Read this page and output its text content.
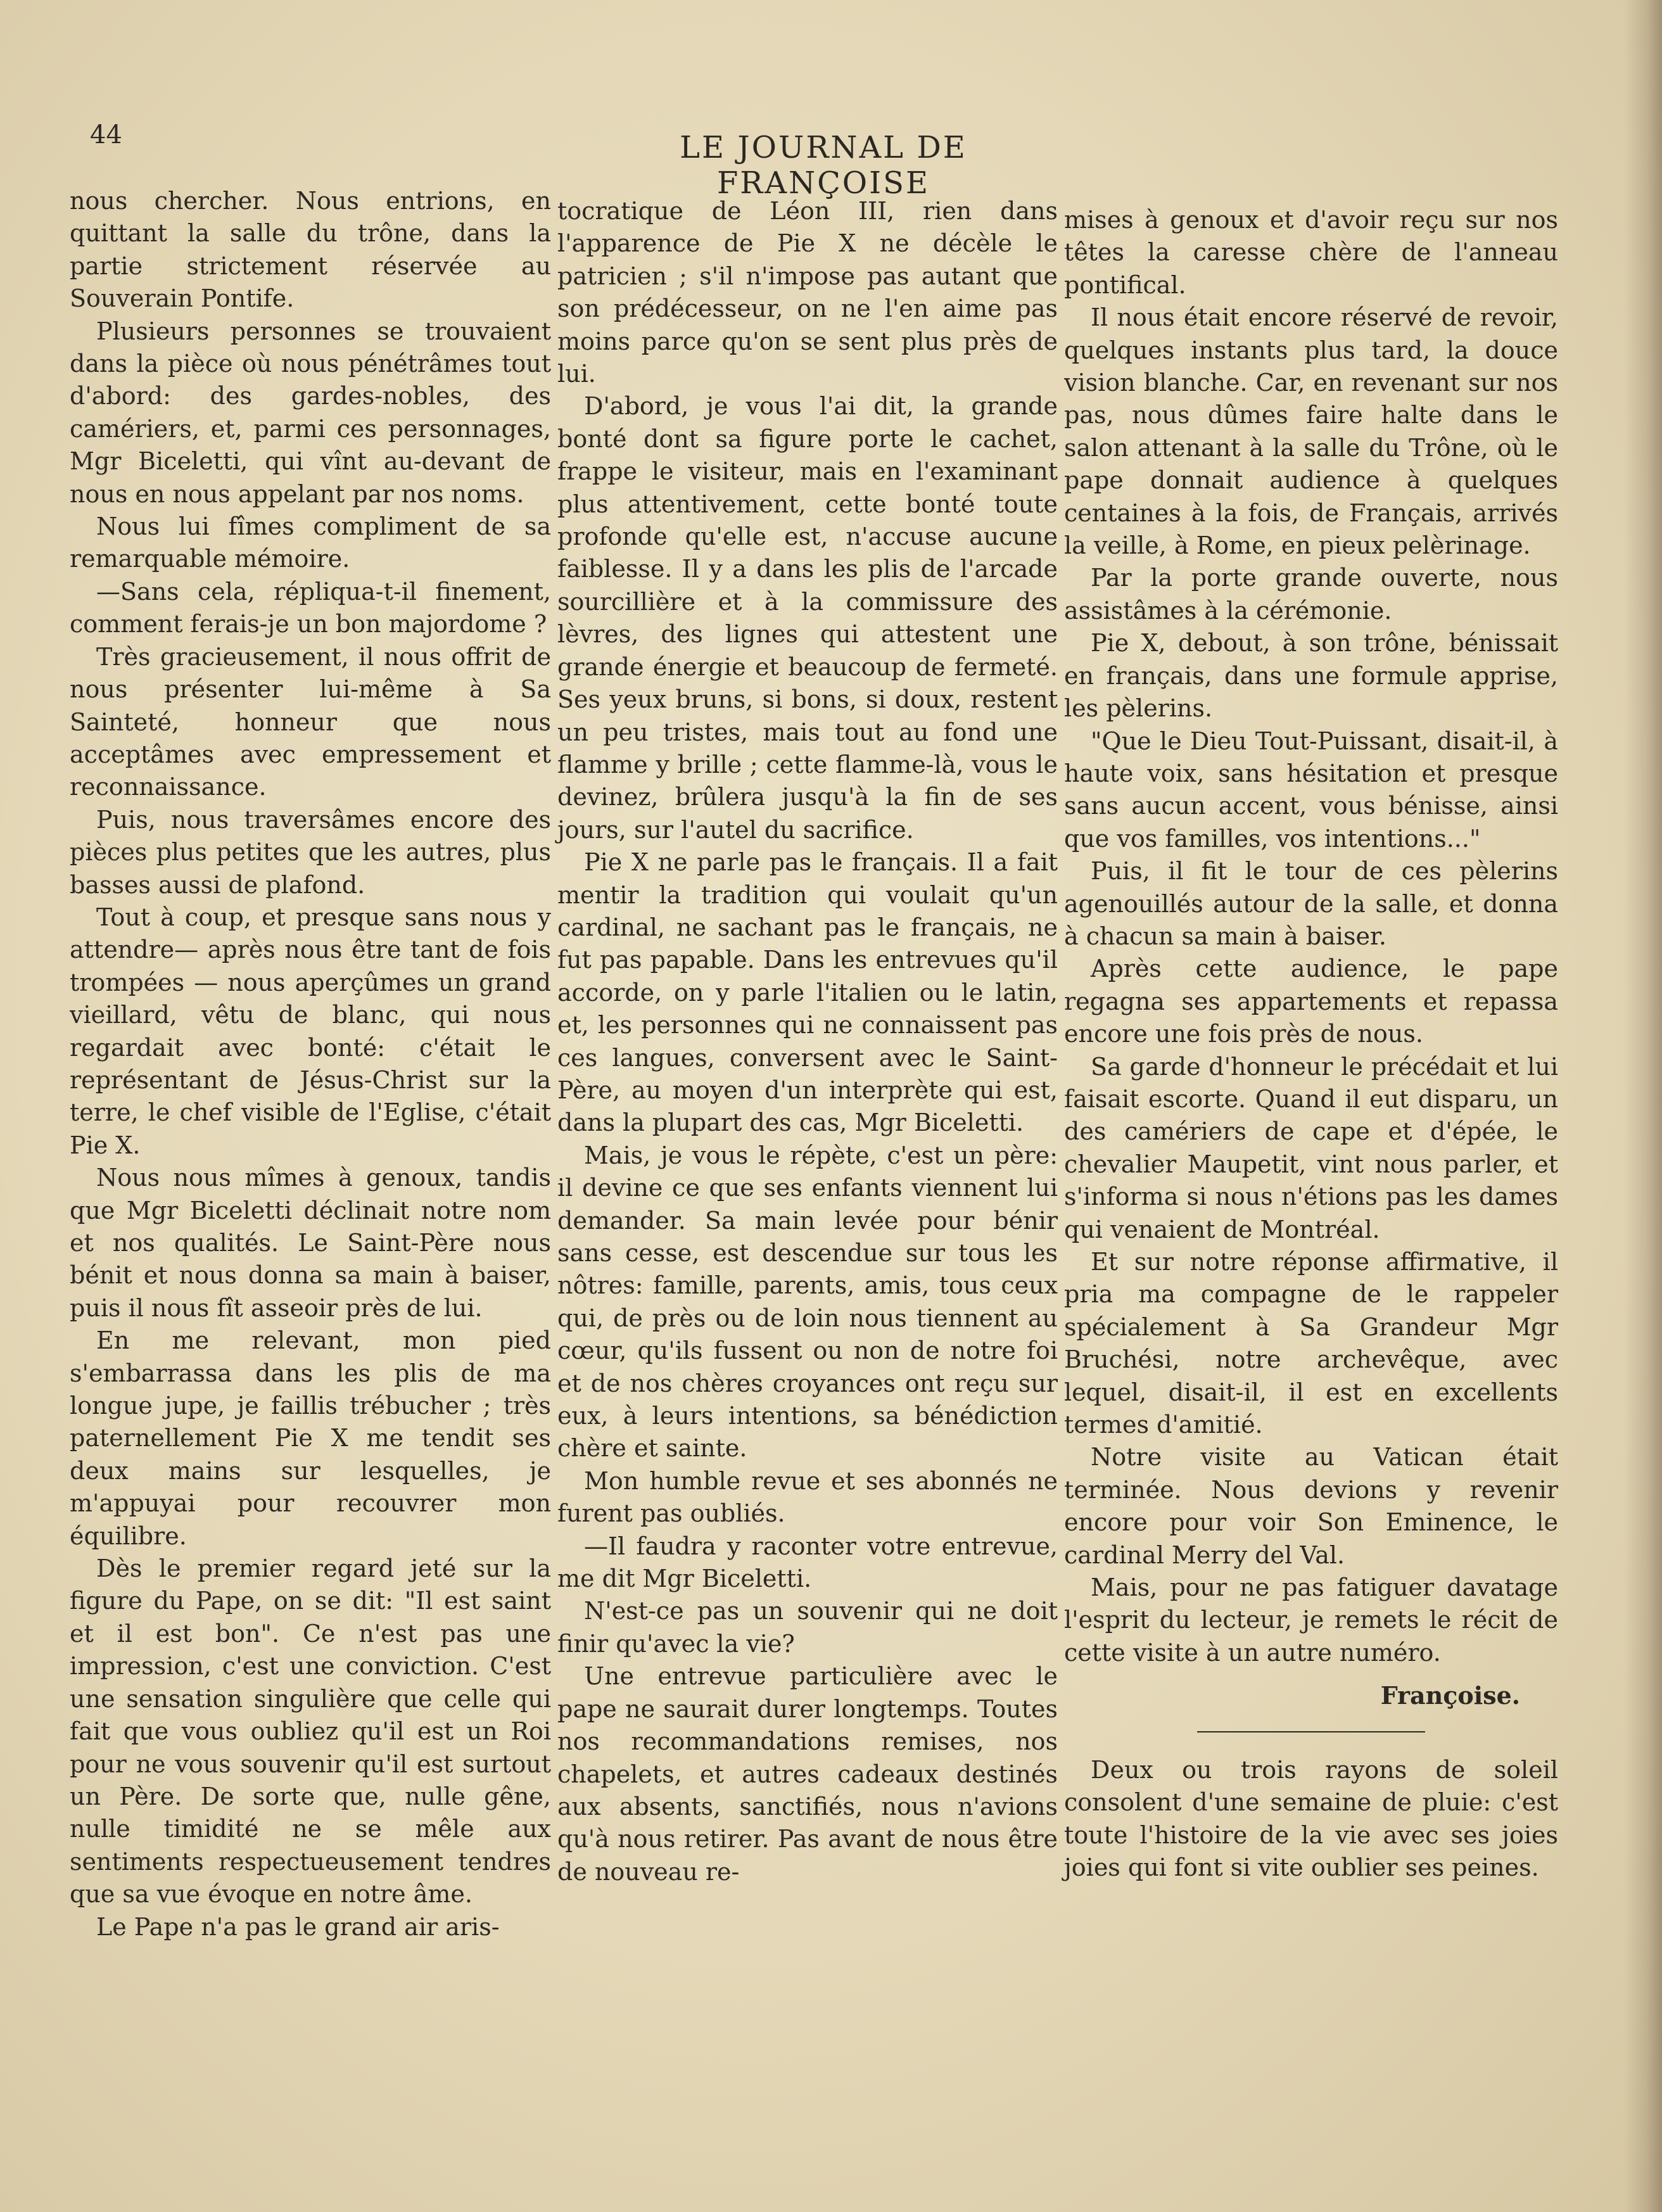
44	LE JOURNAL DE FRANÇOISE

nous chercher. Nous entrions, en quittant la salle du trône, dans la partie strictement réservée au Souverain Pontife.

Plusieurs personnes se trouvaient dans la pièce où nous pénétrâmes tout d'abord: des gardes-nobles, des camériers, et, parmi ces personnages, Mgr Biceletti, qui vînt au-devant de nous en nous appelant par nos noms.

Nous lui fîmes compliment de sa remarquable mémoire.

—Sans cela, répliqua-t-il finement, comment ferais-je un bon majordome ?

Très gracieusement, il nous offrit de nous présenter lui-même à Sa Sainteté, honneur que nous acceptâmes avec empressement et reconnaissance.

Puis, nous traversâmes encore des pièces plus petites que les autres, plus basses aussi de plafond.

Tout à coup, et presque sans nous y attendre— après nous être tant de fois trompées — nous aperçûmes un grand vieillard, vêtu de blanc, qui nous regardait avec bonté: c'était le représentant de Jésus-Christ sur la terre, le chef visible de l'Eglise, c'était Pie X.

Nous nous mîmes à genoux, tandis que Mgr Biceletti déclinait notre nom et nos qualités. Le Saint-Père nous bénit et nous donna sa main à baiser, puis il nous fît asseoir près de lui.

En me relevant, mon pied s'embarrassa dans les plis de ma longue jupe, je faillis trébucher ; très paternellement Pie X me tendit ses deux mains sur lesquelles, je m'appuyai pour recouvrer mon équilibre.

Dès le premier regard jeté sur la figure du Pape, on se dit: "Il est saint et il est bon". Ce n'est pas une impression, c'est une conviction. C'est une sensation singulière que celle qui fait que vous oubliez qu'il est un Roi pour ne vous souvenir qu'il est surtout un Père. De sorte que, nulle gêne, nulle timidité ne se mêle aux sentiments respectueusement tendres que sa vue évoque en notre âme.

Le Pape n'a pas le grand air aris-

tocratique de Léon III, rien dans l'apparence de Pie X ne décèle le patricien ; s'il n'impose pas autant que son prédécesseur, on ne l'en aime pas moins parce qu'on se sent plus près de lui.

D'abord, je vous l'ai dit, la grande bonté dont sa figure porte le cachet, frappe le visiteur, mais en l'examinant plus attentivement, cette bonté toute profonde qu'elle est, n'accuse aucune faiblesse. Il y a dans les plis de l'arcade sourcillière et à la commissure des lèvres, des lignes qui attestent une grande énergie et beaucoup de fermeté. Ses yeux bruns, si bons, si doux, restent un peu tristes, mais tout au fond une flamme y brille ; cette flamme-là, vous le devinez, brûlera jusqu'à la fin de ses jours, sur l'autel du sacrifice.

Pie X ne parle pas le français. Il a fait mentir la tradition qui voulait qu'un cardinal, ne sachant pas le français, ne fut pas papable. Dans les entrevues qu'il accorde, on y parle l'italien ou le latin, et, les personnes qui ne connaissent pas ces langues, conversent avec le Saint-Père, au moyen d'un interprète qui est, dans la plupart des cas, Mgr Biceletti.

Mais, je vous le répète, c'est un père: il devine ce que ses enfants viennent lui demander. Sa main levée pour bénir sans cesse, est descendue sur tous les nôtres: famille, parents, amis, tous ceux qui, de près ou de loin nous tiennent au cœur, qu'ils fussent ou non de notre foi et de nos chères croyances ont reçu sur eux, à leurs intentions, sa bénédiction chère et sainte.

Mon humble revue et ses abonnés ne furent pas oubliés.

—Il faudra y raconter votre entrevue, me dit Mgr Biceletti.

N'est-ce pas un souvenir qui ne doit finir qu'avec la vie?

Une entrevue particulière avec le pape ne saurait durer longtemps. Toutes nos recommandations remises, nos chapelets, et autres cadeaux destinés aux absents, sanctifiés, nous n'avions qu'à nous retirer. Pas avant de nous être de nouveau re-

mises à genoux et d'avoir reçu sur nos têtes la caresse chère de l'anneau pontifical.

Il nous était encore réservé de revoir, quelques instants plus tard, la douce vision blanche. Car, en revenant sur nos pas, nous dûmes faire halte dans le salon attenant à la salle du Trône, où le pape donnait audience à quelques centaines à la fois, de Français, arrivés la veille, à Rome, en pieux pelèrinage.

Par la porte grande ouverte, nous assistâmes à la cérémonie.

Pie X, debout, à son trône, bénissait en français, dans une formule apprise, les pèlerins.

"Que le Dieu Tout-Puissant, disait-il, à haute voix, sans hésitation et presque sans aucun accent, vous bénisse, ainsi que vos familles, vos intentions..."

Puis, il fit le tour de ces pèlerins agenouillés autour de la salle, et donna à chacun sa main à baiser.

Après cette audience, le pape regagna ses appartements et repassa encore une fois près de nous.

Sa garde d'honneur le précédait et lui faisait escorte. Quand il eut disparu, un des camériers de cape et d'épée, le chevalier Maupetit, vint nous parler, et s'informa si nous n'étions pas les dames qui venaient de Montréal.

Et sur notre réponse affirmative, il pria ma compagne de le rappeler spécialement à Sa Grandeur Mgr Bruchési, notre archevêque, avec lequel, disait-il, il est en excellents termes d'amitié.

Notre visite au Vatican était terminée. Nous devions y revenir encore pour voir Son Eminence, le cardinal Merry del Val.

Mais, pour ne pas fatiguer davatage l'esprit du lecteur, je remets le récit de cette visite à un autre numéro.

Françoise.

Deux ou trois rayons de soleil consolent d'une semaine de pluie: c'est toute l'histoire de la vie avec ses joies joies qui font si vite oublier ses peines.
